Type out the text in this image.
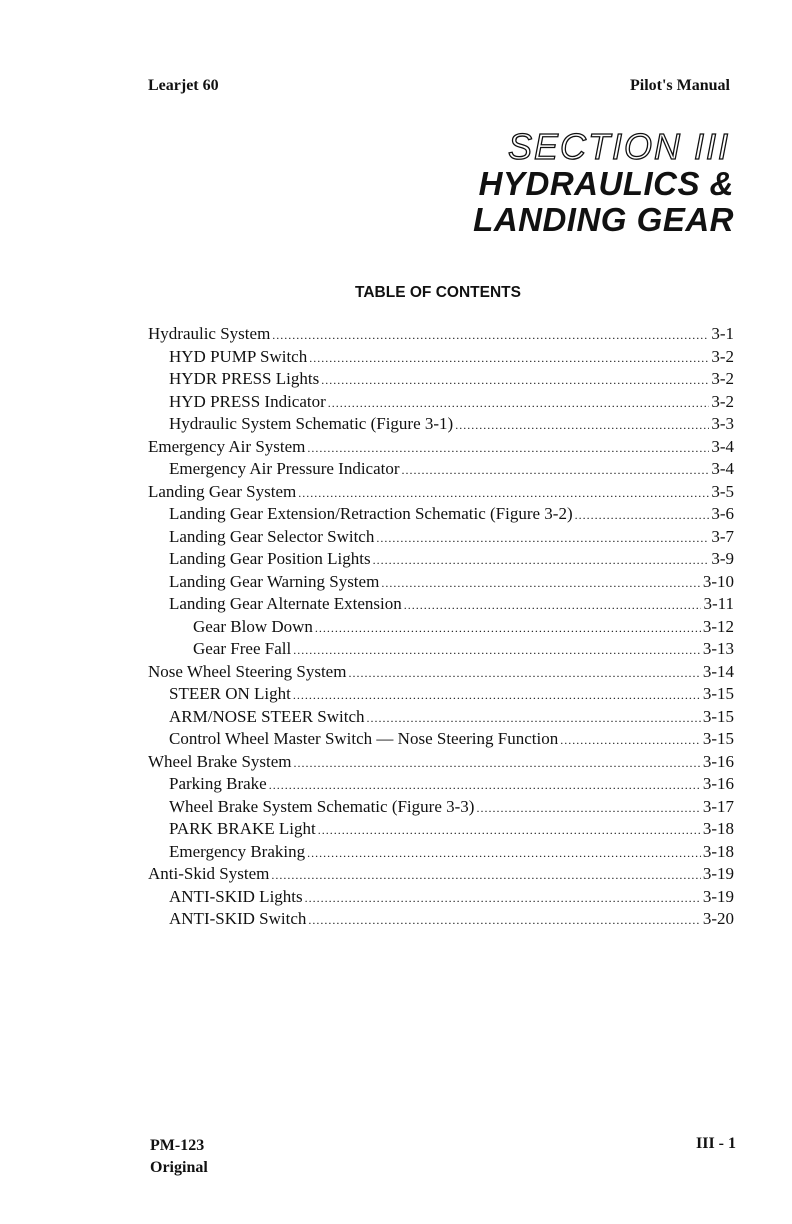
Learjet 60	Pilot's Manual
SECTION III
HYDRAULICS &
LANDING GEAR
TABLE OF CONTENTS
Hydraulic System .....	3-1
HYD PUMP Switch .....	3-2
HYDR PRESS Lights .....	3-2
HYD PRESS Indicator .....	3-2
Hydraulic System Schematic (Figure 3-1) .....	3-3
Emergency Air System .....	3-4
Emergency Air Pressure Indicator .....	3-4
Landing Gear System .....	3-5
Landing Gear Extension/Retraction Schematic (Figure 3-2) .....	3-6
Landing Gear Selector Switch .....	3-7
Landing Gear Position Lights .....	3-9
Landing Gear Warning System .....	3-10
Landing Gear Alternate Extension .....	3-11
Gear Blow Down .....	3-12
Gear Free Fall .....	3-13
Nose Wheel Steering System .....	3-14
STEER ON Light .....	3-15
ARM/NOSE STEER Switch .....	3-15
Control Wheel Master Switch — Nose Steering Function .....	3-15
Wheel Brake System .....	3-16
Parking Brake .....	3-16
Wheel Brake System Schematic (Figure 3-3) .....	3-17
PARK BRAKE Light .....	3-18
Emergency Braking .....	3-18
Anti-Skid System .....	3-19
ANTI-SKID Lights .....	3-19
ANTI-SKID Switch .....	3-20
PM-123
Original
III - 1
